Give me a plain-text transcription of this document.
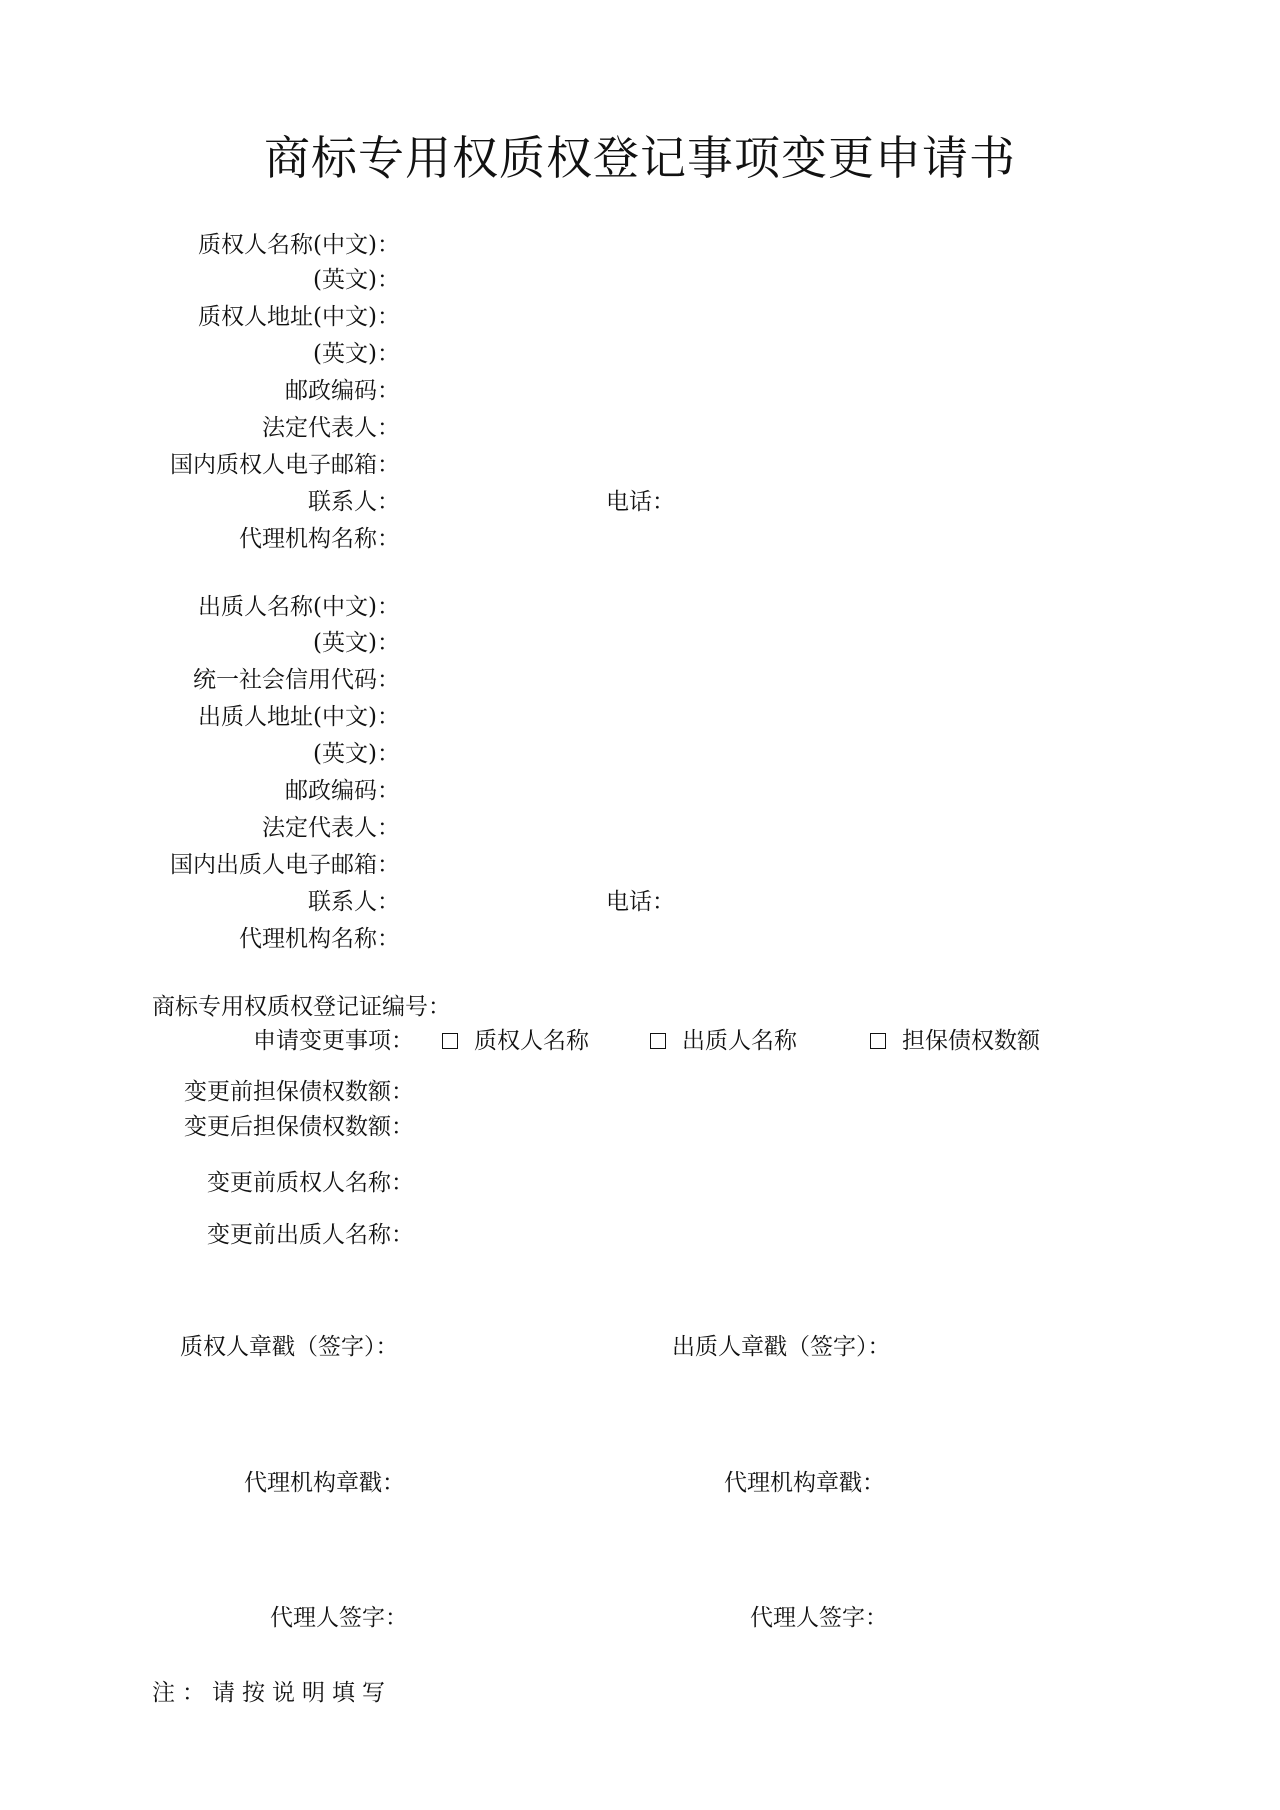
商标专用权质权登记事项变更申请书
质权人名称(中文)：
(英文)：
质权人地址(中文)：
(英文)：
邮政编码：
法定代表人：
国内质权人电子邮箱：
联系人：	电话：
代理机构名称：
出质人名称(中文)：
(英文)：
统一社会信用代码：
出质人地址(中文)：
(英文)：
邮政编码：
法定代表人：
国内出质人电子邮箱：
联系人：	电话：
代理机构名称：
商标专用权质权登记证编号：
申请变更事项：	质权人名称	出质人名称	担保债权数额
变更前担保债权数额：
变更后担保债权数额：
变更前质权人名称：
变更前出质人名称：
质权人章戳（签字）：	出质人章戳（签字）：
代理机构章戳：	代理机构章戳：
代理人签字：	代理人签字：
注：请按说明填写
